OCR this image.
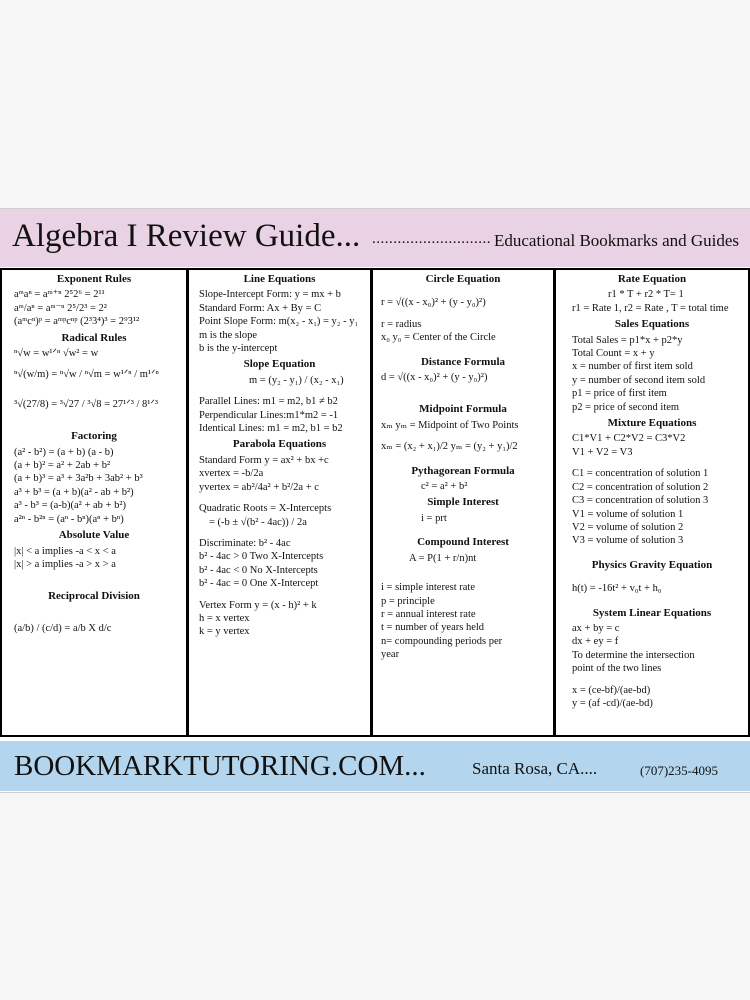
Algebra I Review Guide... ............................ Educational Bookmarks and Guides
Exponent Rules
aᵐaⁿ = aᵐ⁺ⁿ 2⁵2⁶ = 2¹¹
aᵐ/aⁿ = aᵐ⁻ⁿ 2⁵/2³ = 2²
(aᵐcⁿ)ᵖ = aᵐᵖcⁿᵖ (2³3⁴)³ = 2⁹3¹²
Radical Rules
ⁿ√w = w¹ᐟⁿ √w² = w
ⁿ√(w/m) = ⁿ√w / ⁿ√m = w¹ᐟⁿ / m¹ᐟⁿ
³√(27/8) = ³√27 / ³√8 = 27¹ᐟ³ / 8¹ᐟ³
Factoring
(a² - b²) = (a + b) (a - b)
(a + b)² = a² + 2ab + b²
(a + b)³ = a³ + 3a²b + 3ab² + b³
a³ + b³ = (a + b)(a² - ab + b²)
a³ - b³ = (a-b)(a² + ab + b²)
a²ⁿ - b²ⁿ = (aⁿ - bⁿ)(aⁿ + bⁿ)
Absolute Value
|x| < a implies -a < x < a
|x| > a implies -a > x > a
Reciprocal Division
(a/b) / (c/d) = a/b X d/c
Line Equations
Slope-Intercept Form: y = mx + b
Standard Form: Ax + By = C
Point Slope Form: m(x₂ - x₁) = y₂ - y₁
m is the slope
b is the y-intercept
Slope Equation
m = (y₂ - y₁) / (x₂ - x₁)
Parallel Lines: m1 = m2, b1 ≠ b2
Perpendicular Lines:m1*m2 = -1
Identical Lines: m1 = m2, b1 = b2
Parabola Equations
Standard Form y = ax² + bx +c
xvertex = -b/2a
yvertex = ab²/4a² + b²/2a + c
Quadratic Roots = X-Intercepts
= (-b ± √(b² - 4ac)) / 2a
Discriminate: b² - 4ac
b² - 4ac > 0 Two X-Intercepts
b² - 4ac < 0 No X-Intercepts
b² - 4ac = 0 One X-Intercept
Vertex Form y = (x - h)² + k
h = x vertex
k = y vertex
Circle Equation
r = √((x - x₀)² + (y - y₀)²)
r = radius
x₀ y₀ = Center of the Circle
Distance Formula
d = √((x - x₀)² + (y - y₀)²)
Midpoint Formula
xₘ yₘ = Midpoint of Two Points
xₘ = (x₂ + x₁)/2 yₘ = (y₂ + y₁)/2
Pythagorean Formula
c² = a² + b²
Simple Interest
i = prt
Compound Interest
A = P(1 + r/n)nt
i = simple interest rate
p = principle
r = annual interest rate
t = number of years held
n= compounding periods per
year
Rate Equation
r1 * T + r2 * T= 1
r1 = Rate 1, r2 = Rate , T = total time
Sales Equations
Total Sales = p1*x + p2*y
Total Count = x + y
x = number of first item sold
y = number of second item sold
p1 = price of first item
p2 = price of second item
Mixture Equations
C1*V1 + C2*V2 = C3*V2
V1 + V2 = V3
C1 = concentration of solution 1
C2 = concentration of solution 2
C3 = concentration of solution 3
V1 = volume of solution 1
V2 = volume of solution 2
V3 = volume of solution 3
Physics Gravity Equation
h(t) = -16t² + v₀t + h₀
System Linear Equations
ax + by = c
dx + ey = f
To determine the intersection
point of the two lines
x = (ce-bf)/(ae-bd)
y = (af -cd)/(ae-bd)
BOOKMARKTUTORING.COM...	Santa Rosa, CA....	(707)235-4095
